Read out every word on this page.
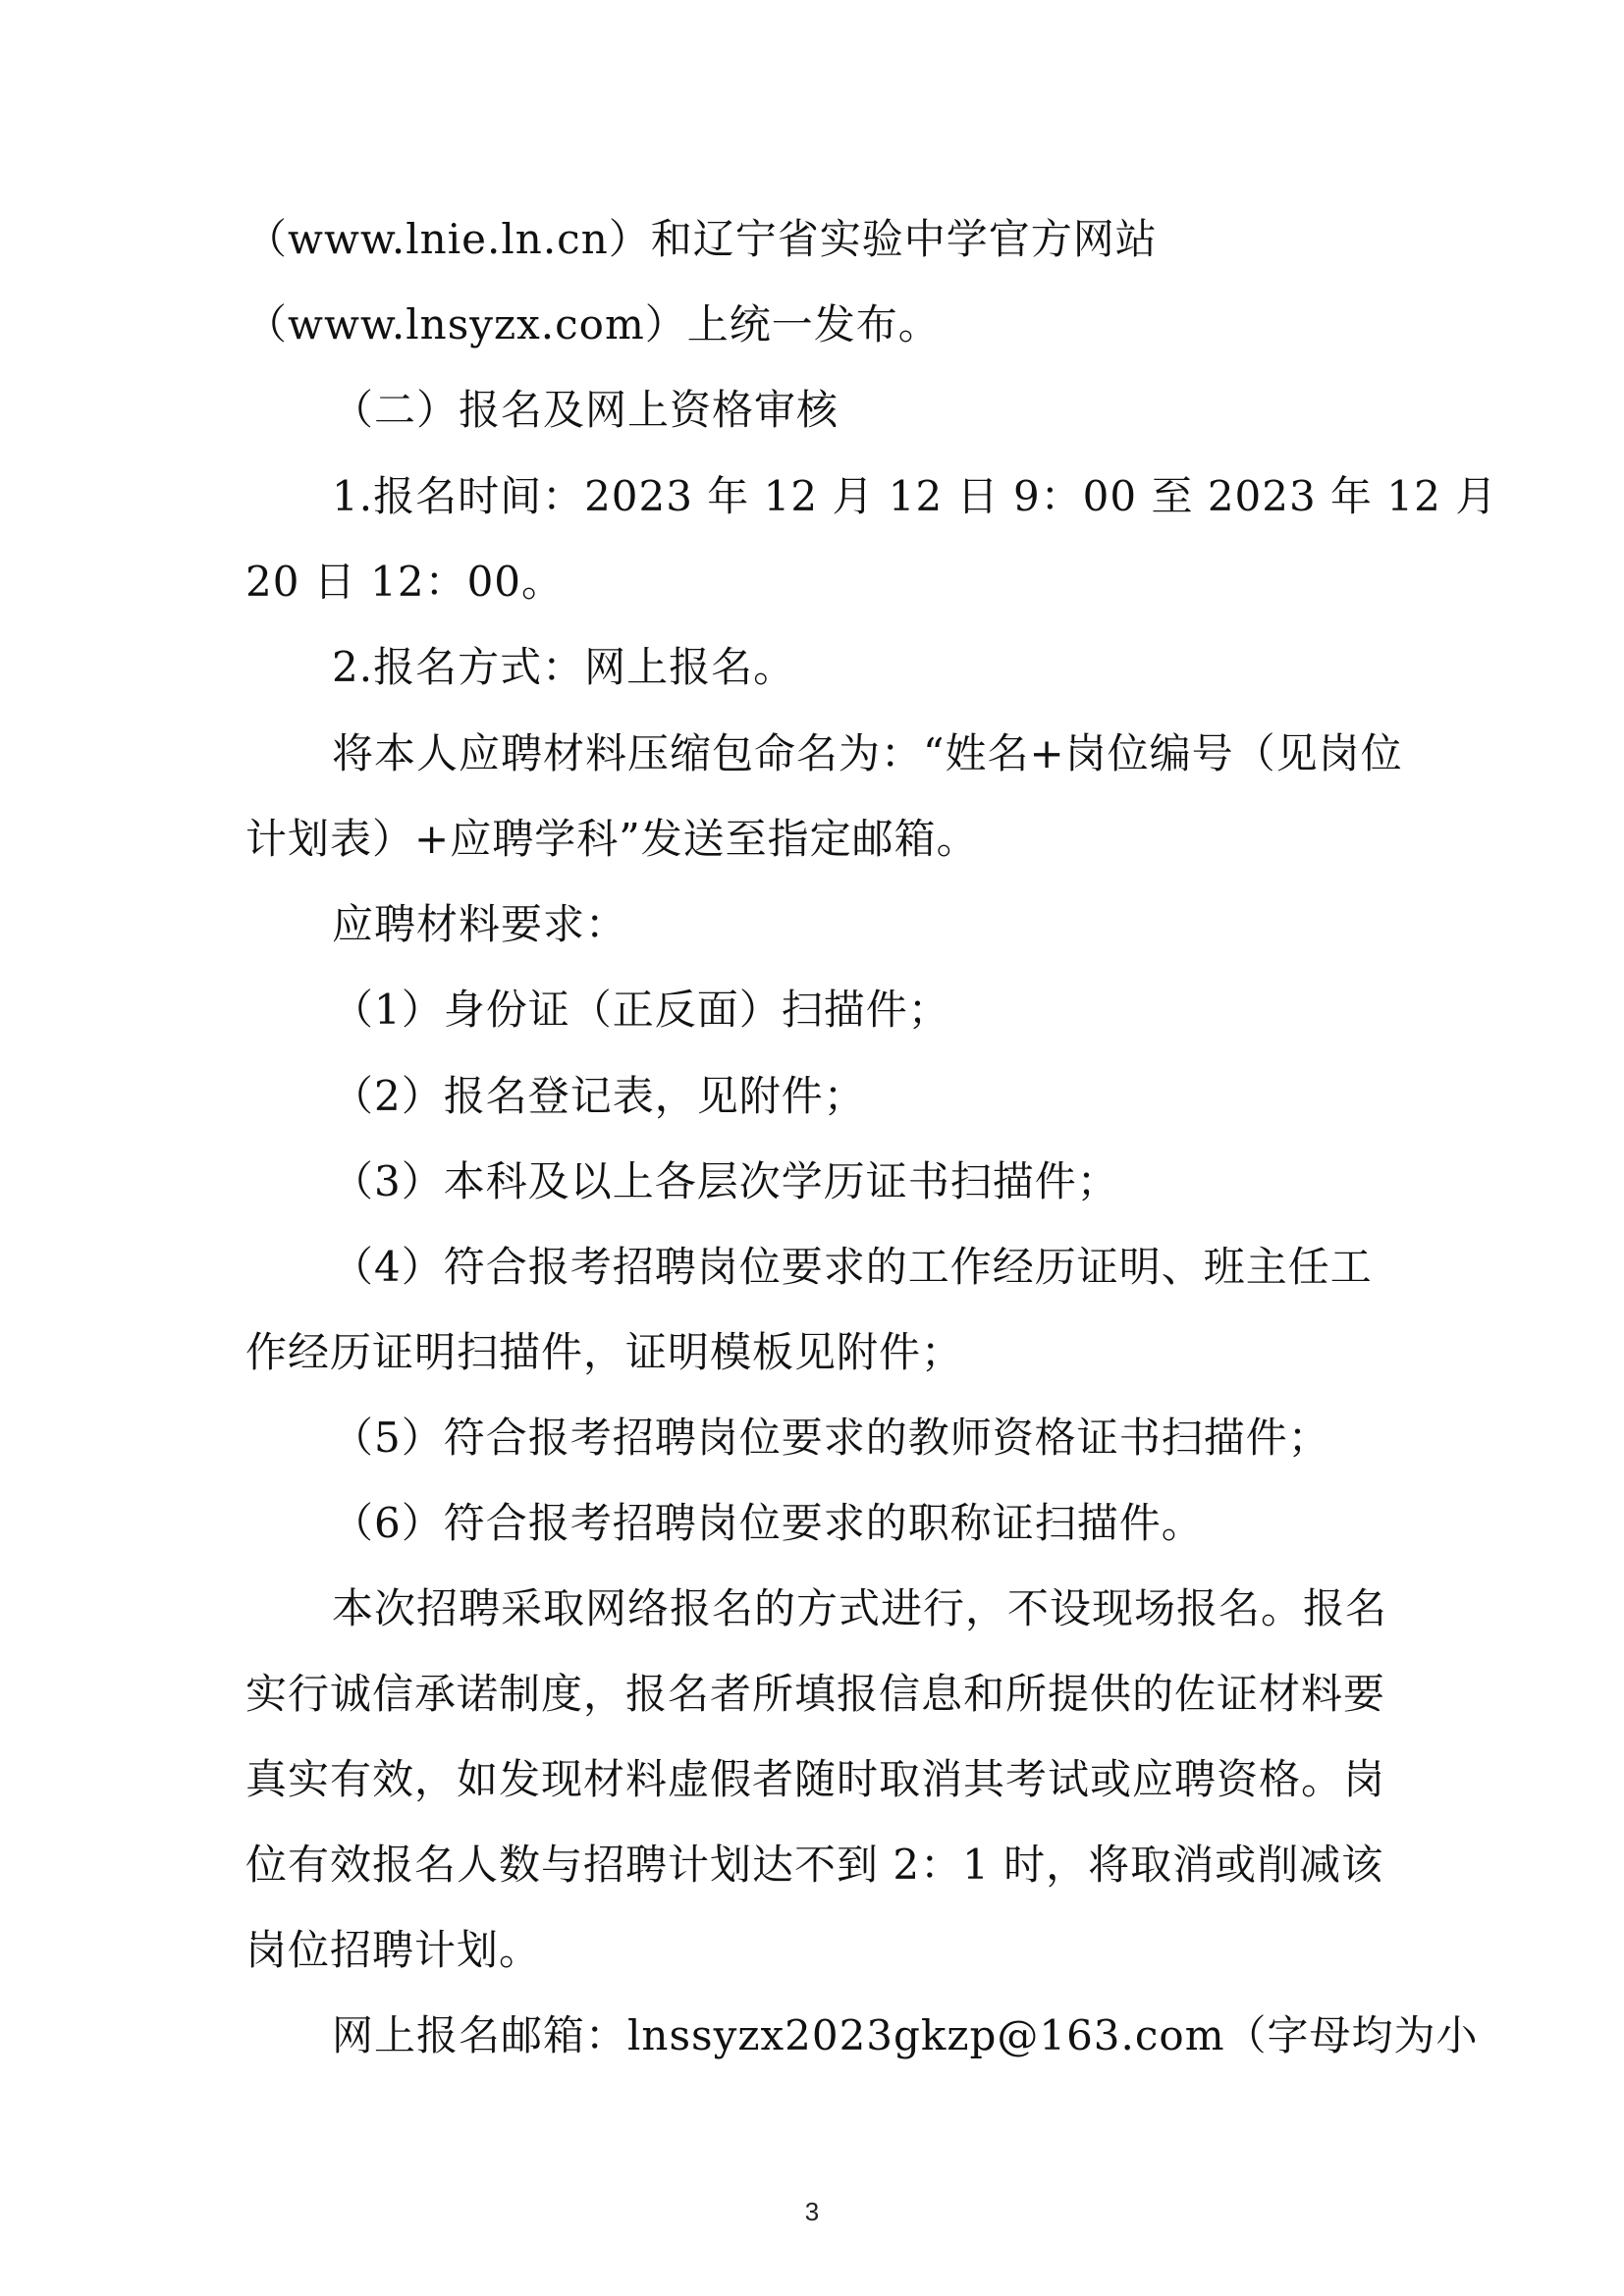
（www.lnie.ln.cn）和辽宁省实验中学官方网站
（www.lnsyzx.com）上统一发布。
（二）报名及网上资格审核
1.报名时间：2023 年 12 月 12 日 9：00 至 2023 年 12 月
20 日 12：00。
2.报名方式：网上报名。
将本人应聘材料压缩包命名为：“姓名+岗位编号（见岗位
计划表）+应聘学科”发送至指定邮箱。
应聘材料要求：
（1）身份证（正反面）扫描件；
（2）报名登记表，见附件；
（3）本科及以上各层次学历证书扫描件；
（4）符合报考招聘岗位要求的工作经历证明、班主任工
作经历证明扫描件，证明模板见附件；
（5）符合报考招聘岗位要求的教师资格证书扫描件；
（6）符合报考招聘岗位要求的职称证扫描件。
本次招聘采取网络报名的方式进行，不设现场报名。报名
实行诚信承诺制度，报名者所填报信息和所提供的佐证材料要
真实有效，如发现材料虚假者随时取消其考试或应聘资格。岗
位有效报名人数与招聘计划达不到 2：1 时，将取消或削减该
岗位招聘计划。
网上报名邮箱：lnssyzx2023gkzp@163.com（字母均为小
3
